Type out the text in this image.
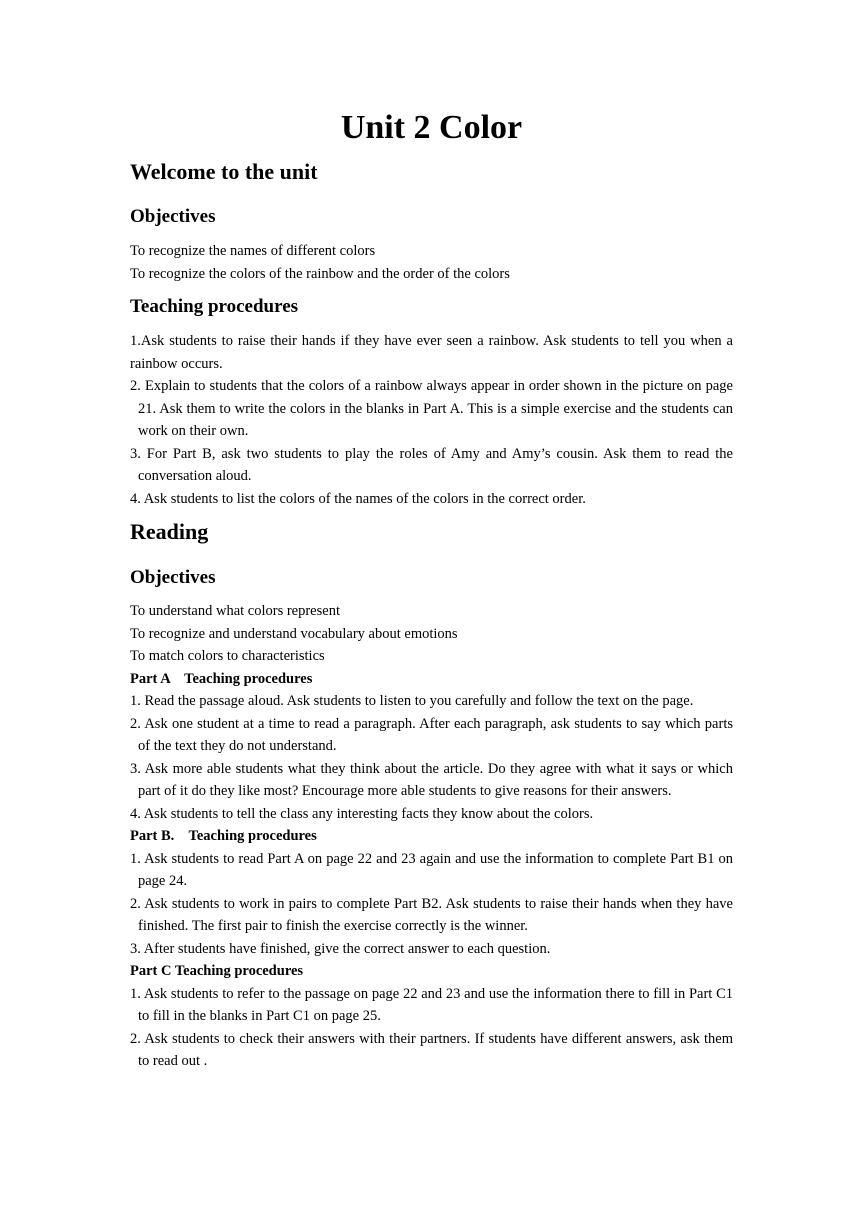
Unit 2 Color
Welcome to the unit
Objectives

To recognize the names of different colors

To recognize the colors of the rainbow and the order of the colors

Teaching procedures

1.Ask students to raise their hands if they have ever seen a rainbow. Ask students to tell you when a rainbow occurs.

2. Explain to students that the colors of a rainbow always appear in order shown in the picture on page 21. Ask them to write the colors in the blanks in Part A. This is a simple exercise and the students can work on their own.

3. For Part B, ask two students to play the roles of Amy and Amy’s cousin. Ask them to read the conversation aloud.

4. Ask students to list the colors of the names of the colors in the correct order.

Reading
Objectives

To understand what colors represent

To recognize and understand vocabulary about emotions

To match colors to characteristics

Part A    Teaching procedures

1. Read the passage aloud. Ask students to listen to you carefully and follow the text on the page.

2. Ask one student at a time to read a paragraph. After each paragraph, ask students to say which parts of the text they do not understand.

3. Ask more able students what they think about the article. Do they agree with what it says or which part of it do they like most? Encourage more able students to give reasons for their answers.

4. Ask students to tell the class any interesting facts they know about the colors.

Part B.    Teaching procedures

1. Ask students to read Part A on page 22 and 23 again and use the information to complete Part B1 on page 24.

2. Ask students to work in pairs to complete Part B2. Ask students to raise their hands when they have finished. The first pair to finish the exercise correctly is the winner.

3. After students have finished, give the correct answer to each question.

Part C Teaching procedures

1. Ask students to refer to the passage on page 22 and 23 and use the information there to fill in Part C1 to fill in the blanks in Part C1 on page 25.

2. Ask students to check their answers with their partners. If students have different answers, ask them to read out .
